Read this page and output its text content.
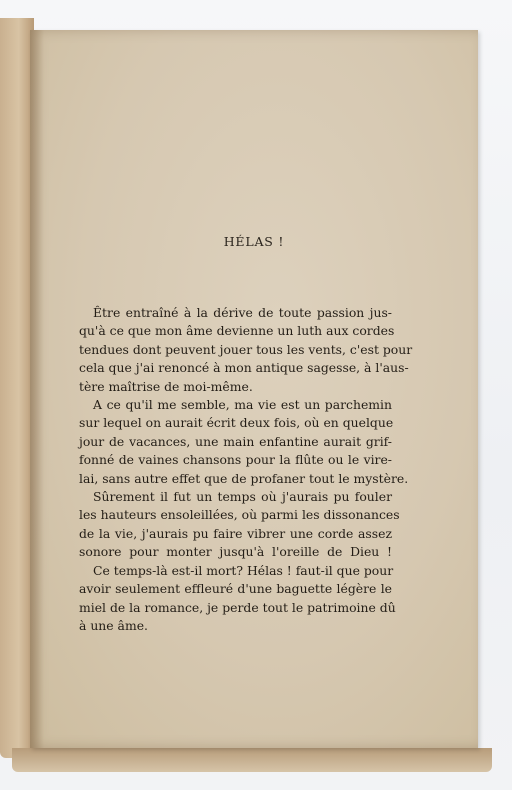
HÉLAS !
Être entraîné à la dérive de toute passion jus-
qu'à ce que mon âme devienne un luth aux cordes
tendues dont peuvent jouer tous les vents, c'est pour
cela que j'ai renoncé à mon antique sagesse, à l'aus-
tère maîtrise de moi-même.
A ce qu'il me semble, ma vie est un parchemin
sur lequel on aurait écrit deux fois, où en quelque
jour de vacances, une main enfantine aurait grif-
fonné de vaines chansons pour la flûte ou le vire-
lai, sans autre effet que de profaner tout le mystère.
Sûrement il fut un temps où j'aurais pu fouler
les hauteurs ensoleillées, où parmi les dissonances
de la vie, j'aurais pu faire vibrer une corde assez
sonore pour monter jusqu'à l'oreille de Dieu !
Ce temps-là est-il mort? Hélas ! faut-il que pour
avoir seulement effleuré d'une baguette légère le
miel de la romance, je perde tout le patrimoine dû
à une âme.
